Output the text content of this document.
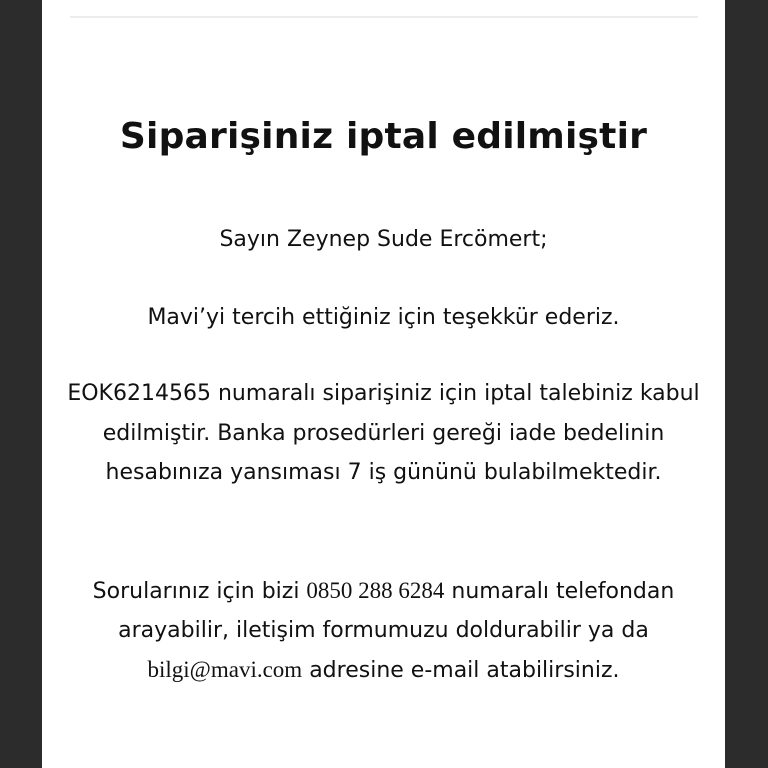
Siparişiniz iptal edilmiştir

Sayın Zeynep Sude Ercömert;

Mavi’yi tercih ettiğiniz için teşekkür ederiz.

EOK6214565 numaralı siparişiniz için iptal talebiniz kabul edilmiştir. Banka prosedürleri gereği iade bedelinin hesabınıza yansıması 7 iş gününü bulabilmektedir.

Sorularınız için bizi 0850 288 6284 numaralı telefondan arayabilir, iletişim formumuzu doldurabilir ya da bilgi@mavi.com adresine e-mail atabilirsiniz.
